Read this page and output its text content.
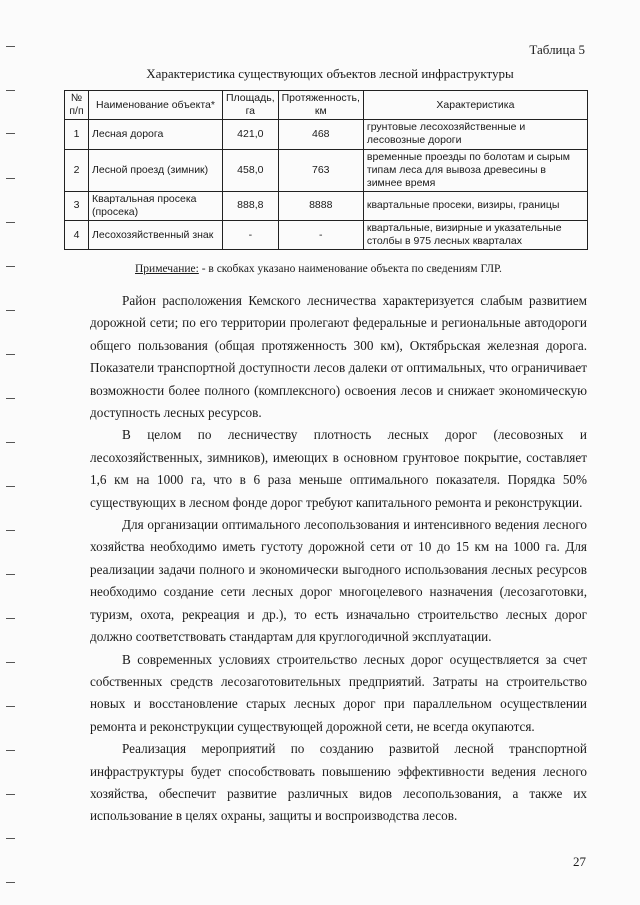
Таблица 5
Характеристика существующих объектов лесной инфраструктуры
№ п/п	Наименование объекта*	Площадь, га	Протяженность, км	Характеристика
1	Лесная дорога	421,0	468	грунтовые лесохозяйственные и лесовозные дороги
2	Лесной проезд (зимник)	458,0	763	временные проезды по болотам и сырым типам леса для вывоза древесины в зимнее время
3	Квартальная просека (просека)	888,8	8888	квартальные просеки, визиры, границы
4	Лесохозяйственный знак	-	-	квартальные, визирные и указательные столбы в 975 лесных кварталах
Примечание: - в скобках указано наименование объекта по сведениям ГЛР.

Район расположения Кемского лесничества характеризуется слабым развитием дорожной сети; по его территории пролегают федеральные и региональные автодороги общего пользования (общая протяженность 300 км), Октябрьская железная дорога. Показатели транспортной доступности лесов далеки от оптимальных, что ограничивает возможности более полного (комплексного) освоения лесов и снижает экономическую доступность лесных ресурсов.

В целом по лесничеству плотность лесных дорог (лесовозных и лесохозяйственных, зимников), имеющих в основном грунтовое покрытие, составляет 1,6 км на 1000 га, что в 6 раза меньше оптимального показателя. Порядка 50% существующих в лесном фонде дорог требуют капитального ремонта и реконструкции.

Для организации оптимального лесопользования и интенсивного ведения лесного хозяйства необходимо иметь густоту дорожной сети от 10 до 15 км на 1000 га. Для реализации задачи полного и экономически выгодного использования лесных ресурсов необходимо создание сети лесных дорог многоцелевого назначения (лесозаготовки, туризм, охота, рекреация и др.), то есть изначально строительство лесных дорог должно соответствовать стандартам для круглогодичной эксплуатации.

В современных условиях строительство лесных дорог осуществляется за счет собственных средств лесозаготовительных предприятий. Затраты на строительство новых и восстановление старых лесных дорог при параллельном осуществлении ремонта и реконструкции существующей дорожной сети, не всегда окупаются.

Реализация мероприятий по созданию развитой лесной транспортной инфраструктуры будет способствовать повышению эффективности ведения лесного хозяйства, обеспечит развитие различных видов лесопользования, а также их использование в целях охраны, защиты и воспроизводства лесов.

27
